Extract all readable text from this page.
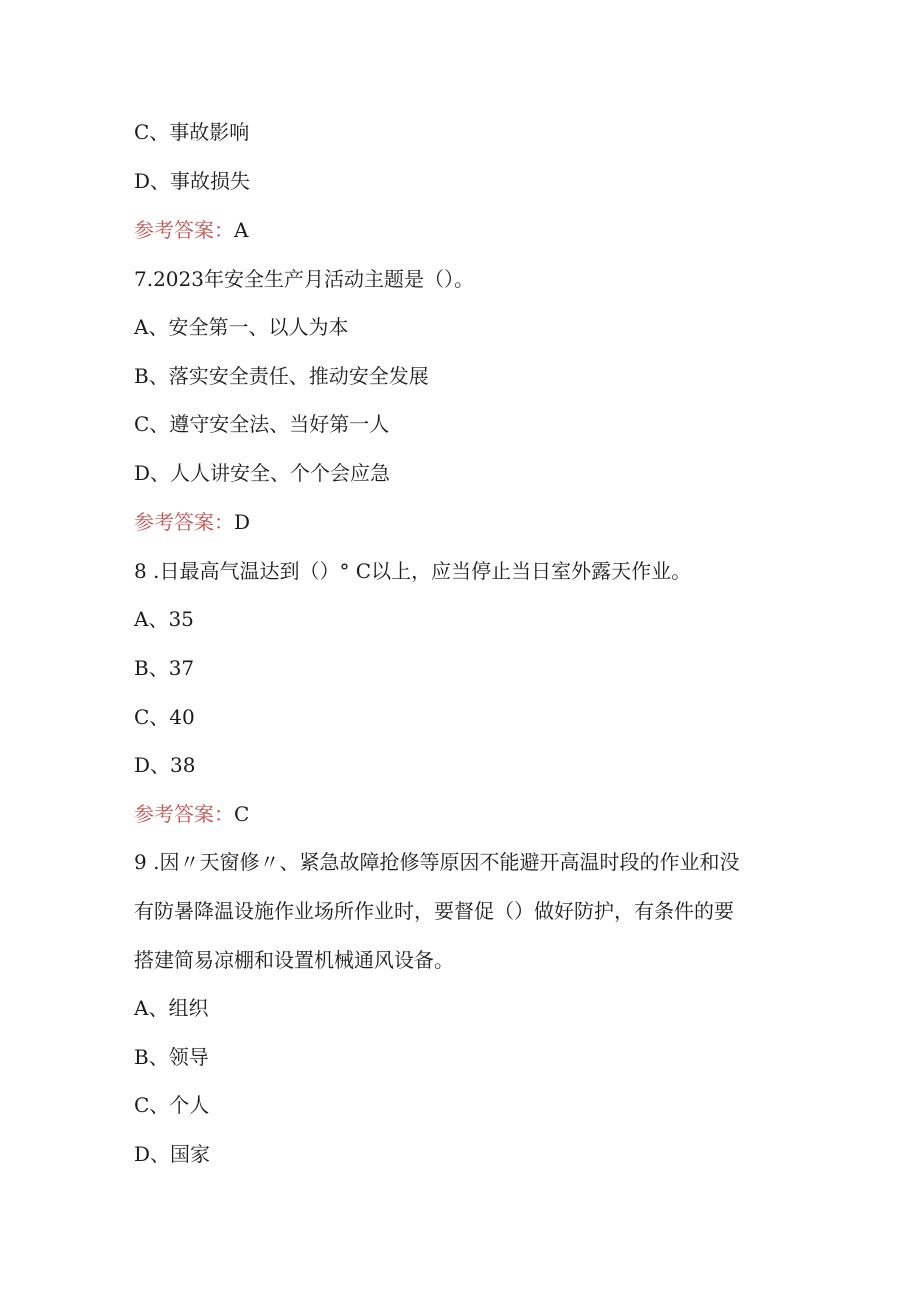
C、事故影响
D、事故损失
参考答案：A
7.2023年安全生产月活动主题是（）。
A、安全第一、以人为本
B、落实安全责任、推动安全发展
C、遵守安全法、当好第一人
D、人人讲安全、个个会应急
参考答案：D
8 .日最高气温达到（）° C以上，应当停止当日室外露天作业。
A、35
B、37
C、40
D、38
参考答案：C
9 .因〃天窗修〃、紧急故障抢修等原因不能避开高温时段的作业和没
有防暑降温设施作业场所作业时，要督促（）做好防护，有条件的要
搭建简易凉棚和设置机械通风设备。
A、组织
B、领导
C、个人
D、国家
